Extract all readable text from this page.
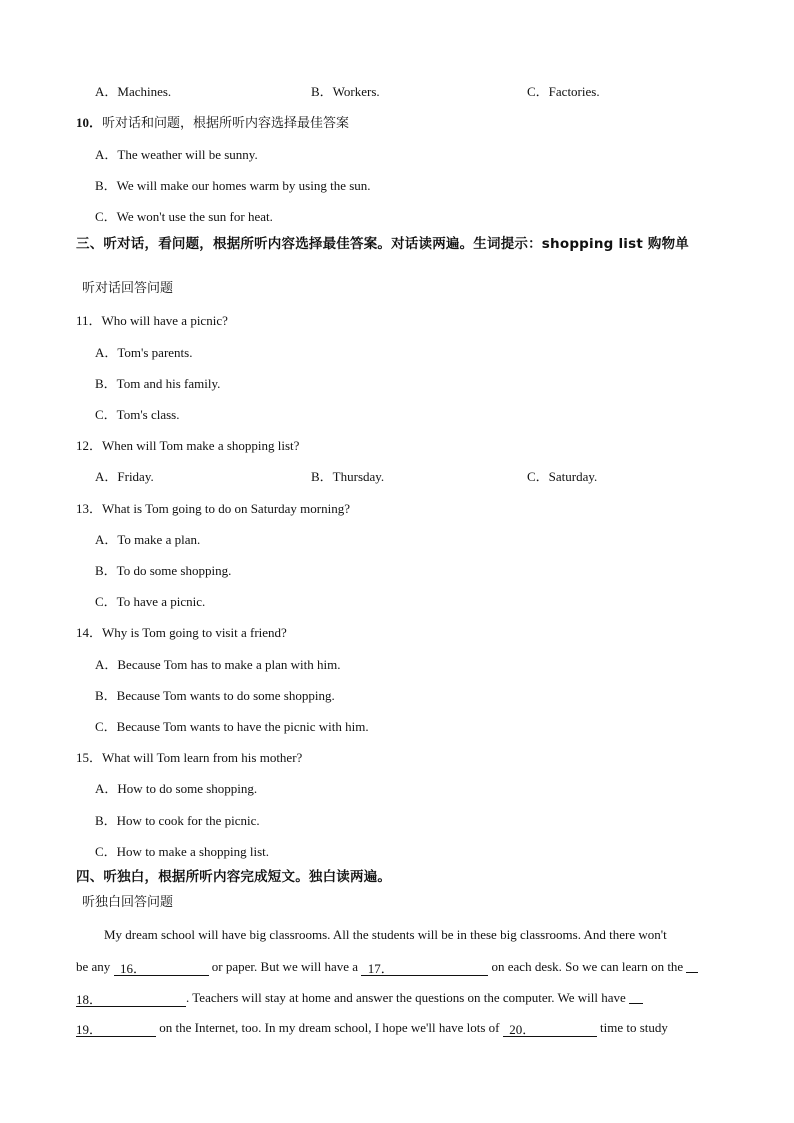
A．Machines.	B．Workers.	C．Factories.
10．听对话和问题，根据所听内容选择最佳答案
A．The weather will be sunny.
B．We will make our homes warm by using the sun.
C．We won't use the sun for heat.
三、听对话，看问题，根据所听内容选择最佳答案。对话读两遍。生词提示：shopping list 购物单
听对话回答问题
11．Who will have a picnic?
A．Tom's parents.
B．Tom and his family.
C．Tom's class.
12．When will Tom make a shopping list?
A．Friday.	B．Thursday.	C．Saturday.
13．What is Tom going to do on Saturday morning?
A．To make a plan.
B．To do some shopping.
C．To have a picnic.
14．Why is Tom going to visit a friend?
A．Because Tom has to make a plan with him.
B．Because Tom wants to do some shopping.
C．Because Tom wants to have the picnic with him.
15．What will Tom learn from his mother?
A．How to do some shopping.
B．How to cook for the picnic.
C．How to make a shopping list.
四、听独白，根据所听内容完成短文。独白读两遍。
听独白回答问题
My dream school will have big classrooms. All the students will be in these big classrooms. And there won't
be any   16．	or paper. But we will have a   17．	on each desk. So we can learn on the
18．	. Teachers will stay at home and answer the questions on the computer. We will have
19．	on the Internet, too. In my dream school, I hope we'll have lots of   20．	time to study
